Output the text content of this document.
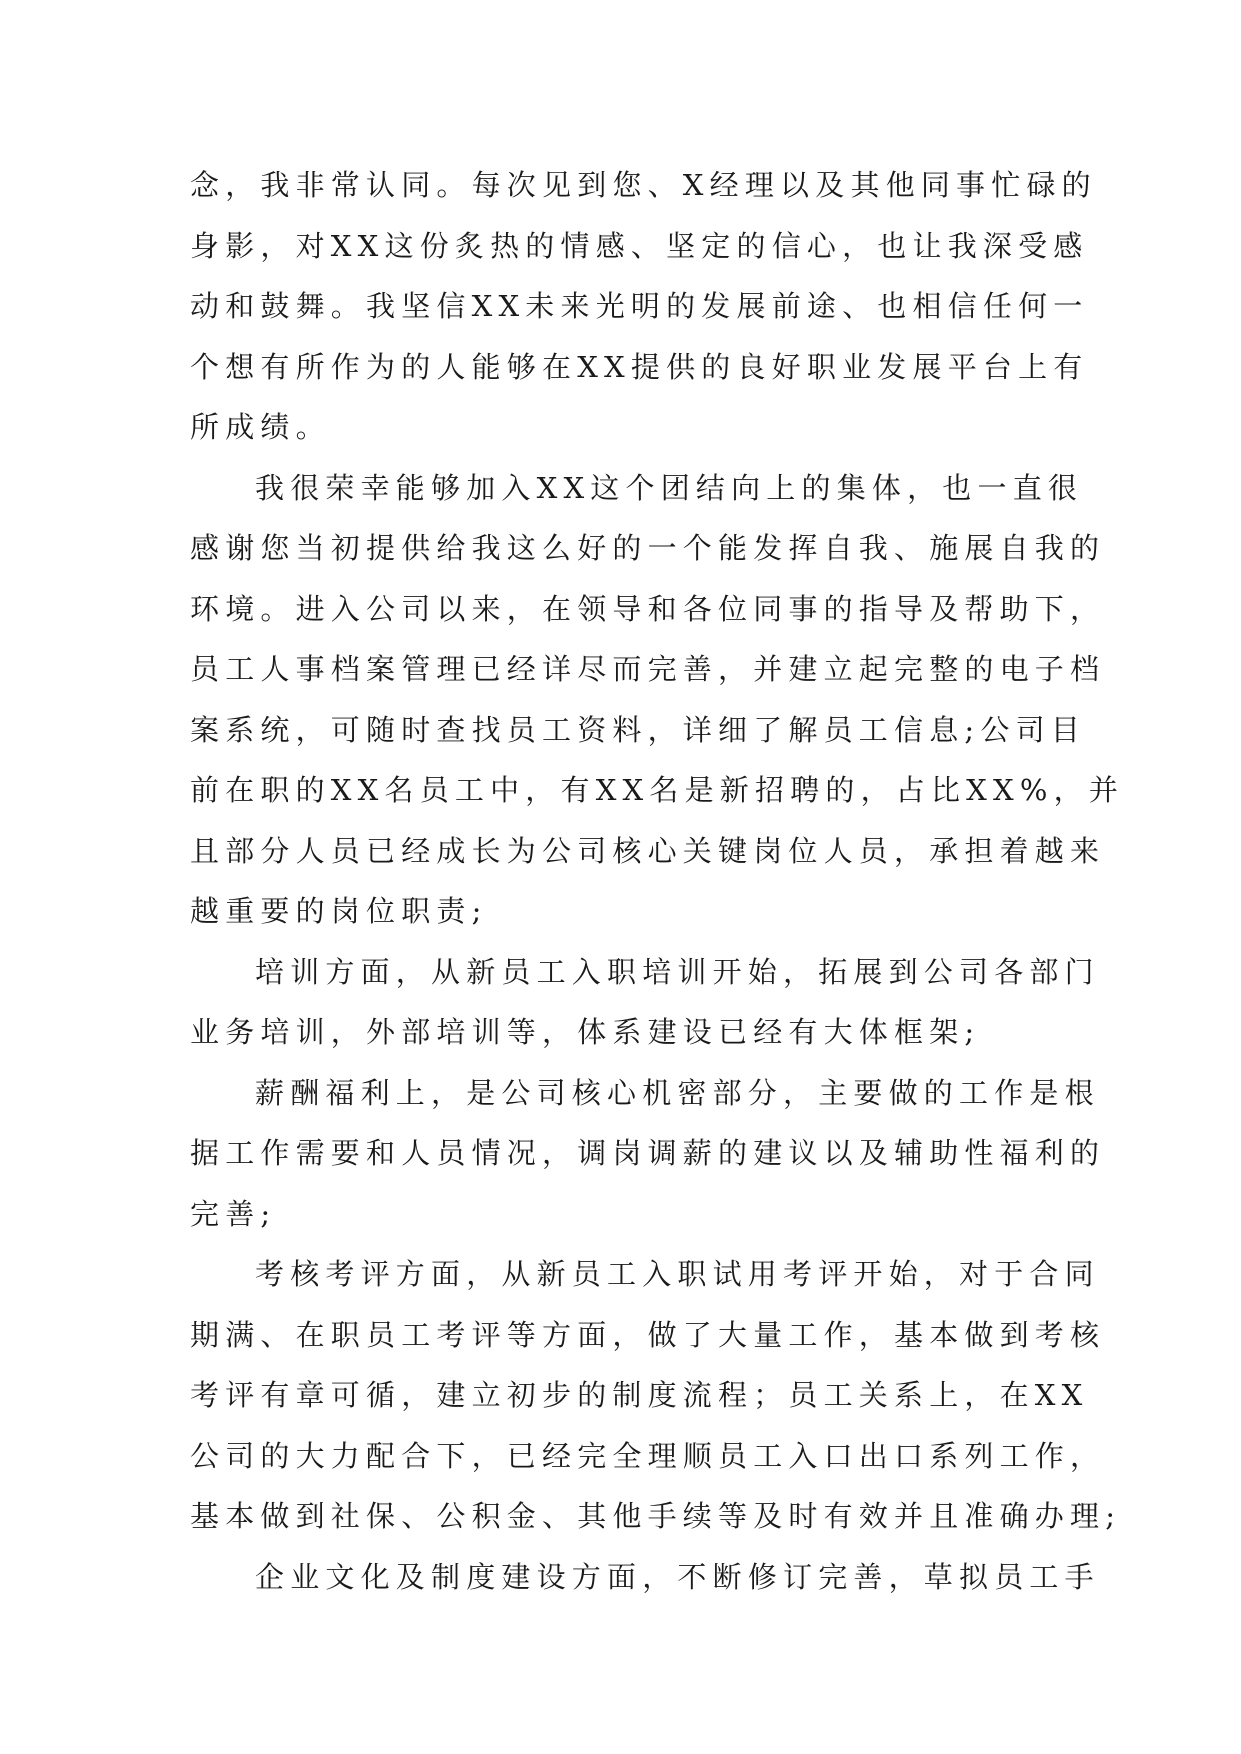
念，我非常认同。每次见到您、X经理以及其他同事忙碌的
身影，对XX这份炙热的情感、坚定的信心，也让我深受感
动和鼓舞。我坚信XX未来光明的发展前途、也相信任何一
个想有所作为的人能够在XX提供的良好职业发展平台上有
所成绩。
我很荣幸能够加入XX这个团结向上的集体，也一直很
感谢您当初提供给我这么好的一个能发挥自我、施展自我的
环境。进入公司以来，在领导和各位同事的指导及帮助下，
员工人事档案管理已经详尽而完善，并建立起完整的电子档
案系统，可随时查找员工资料，详细了解员工信息;公司目
前在职的XX名员工中，有XX名是新招聘的，占比XX%，并
且部分人员已经成长为公司核心关键岗位人员，承担着越来
越重要的岗位职责;
培训方面，从新员工入职培训开始，拓展到公司各部门
业务培训，外部培训等，体系建设已经有大体框架;
薪酬福利上，是公司核心机密部分，主要做的工作是根
据工作需要和人员情况，调岗调薪的建议以及辅助性福利的
完善;
考核考评方面，从新员工入职试用考评开始，对于合同
期满、在职员工考评等方面，做了大量工作，基本做到考核
考评有章可循，建立初步的制度流程；员工关系上，在XX
公司的大力配合下，已经完全理顺员工入口出口系列工作，
基本做到社保、公积金、其他手续等及时有效并且准确办理;
企业文化及制度建设方面，不断修订完善，草拟员工手
